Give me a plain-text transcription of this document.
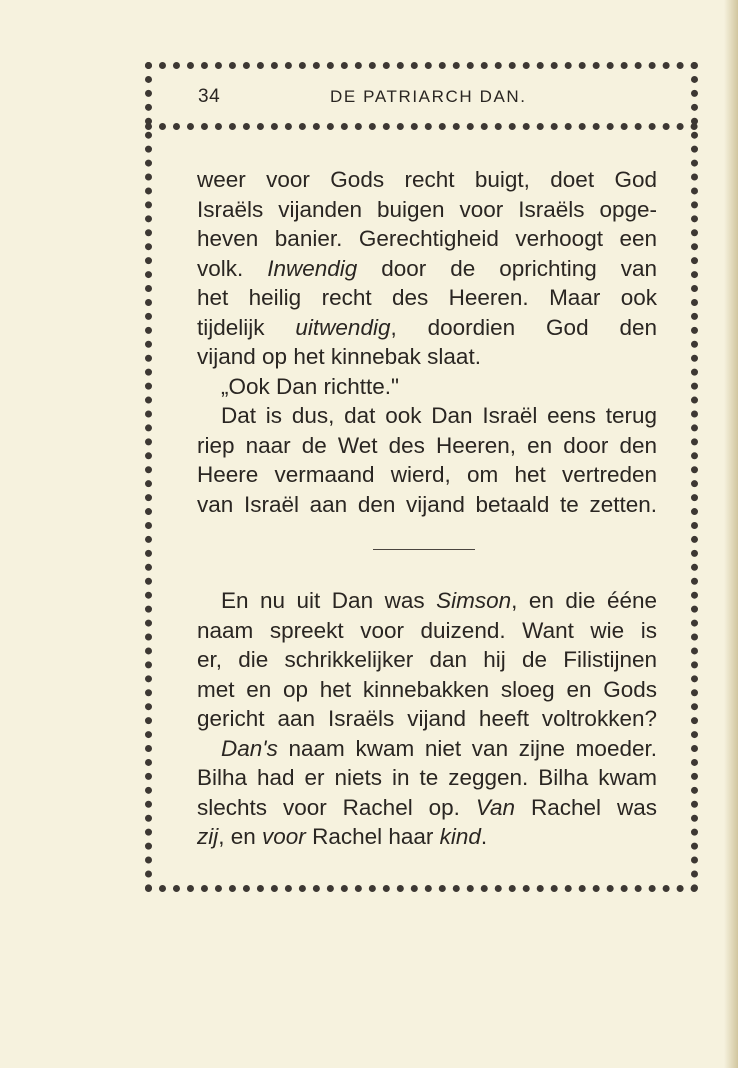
34	DE PATRIARCH DAN.
weer voor Gods recht buigt, doet God
Israëls vijanden buigen voor Israëls opge-
heven banier. Gerechtigheid verhoogt een
volk. Inwendig door de oprichting van
het heilig recht des Heeren. Maar ook
tijdelijk uitwendig, doordien God den
vijand op het kinnebak slaat.
„Ook Dan richtte."
Dat is dus, dat ook Dan Israël eens terug
riep naar de Wet des Heeren, en door den
Heere vermaand wierd, om het vertreden
van Israël aan den vijand betaald te zetten.
En nu uit Dan was Simson, en die ééne
naam spreekt voor duizend. Want wie is
er, die schrikkelijker dan hij de Filistijnen
met en op het kinnebakken sloeg en Gods
gericht aan Israëls vijand heeft voltrokken?
Dan's naam kwam niet van zijne moeder.
Bilha had er niets in te zeggen. Bilha kwam
slechts voor Rachel op. Van Rachel was
zij, en voor Rachel haar kind.
